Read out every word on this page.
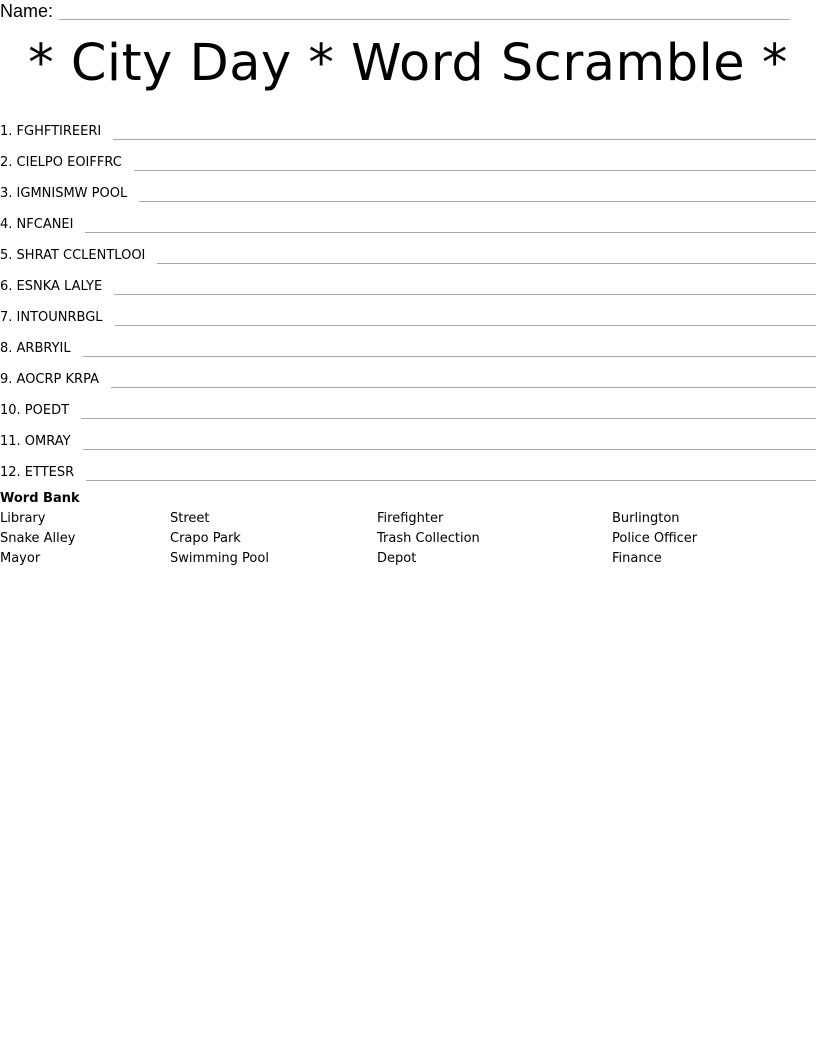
Name:
* City Day * Word Scramble *
1. FGHFTIREERI
2. CIELPO EOIFFRC
3. IGMNISMW POOL
4. NFCANEI
5. SHRAT CCLENTLOOI
6. ESNKA LALYE
7. INTOUNRBGL
8. ARBRYIL
9. AOCRP KRPA
10. POEDT
11. OMRAY
12. ETTESR
Word Bank
Library	Street	Firefighter	Burlington
Snake Alley	Crapo Park	Trash Collection	Police Officer
Mayor	Swimming Pool	Depot	Finance
